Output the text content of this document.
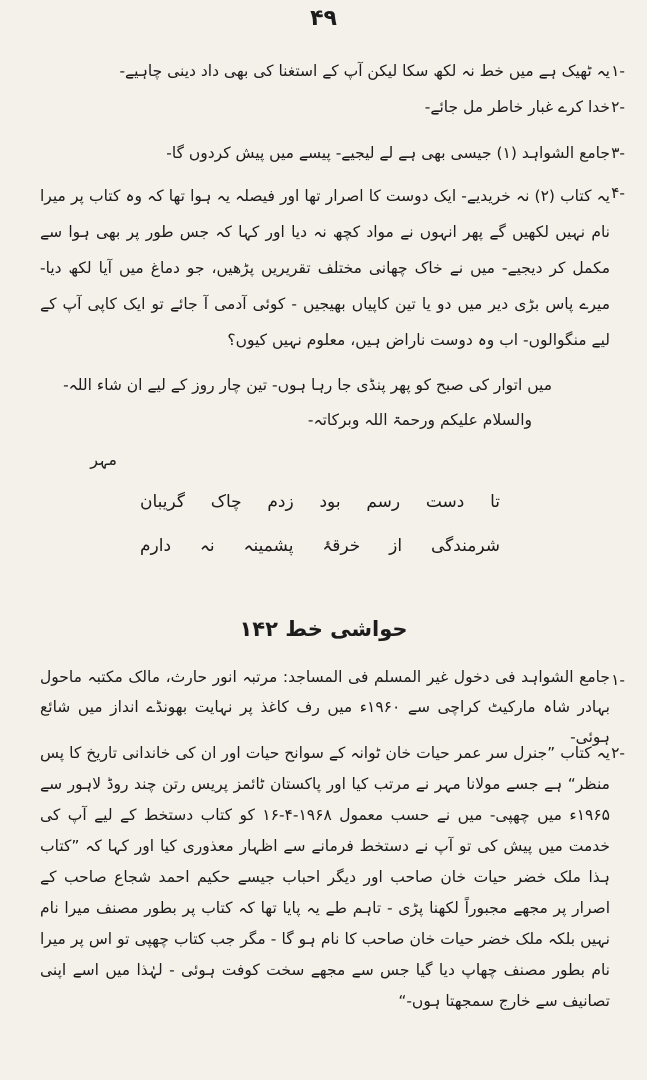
۴۹
-۱
یہ ٹھیک ہے میں خط نہ لکھ سکا لیکن آپ کے استغنا کی بھی داد دینی چاہیے-
-۲
خدا کرے غبار خاطر مل جائے-
-۳
جامع الشواہد (۱) جیسی بھی ہے لے لیجیے- پیسے میں پیش کردوں گا-
-۴
یہ کتاب (۲) نہ خریدیے- ایک دوست کا اصرار تھا اور فیصلہ یہ ہوا تھا کہ وہ کتاب پر میرا نام نہیں لکھیں گے پھر انہوں نے مواد کچھ نہ دیا اور کہا کہ جس طور پر بھی ہوا سے مکمل کر دیجیے- میں نے خاک چھانی مختلف تقریریں پڑھیں، جو دماغ میں آیا لکھ دیا- میرے پاس بڑی دیر میں دو یا تین کاپیاں بھیجیں - کوئی آدمی آ جائے تو ایک کاپی آپ کے لیے منگوالوں- اب وہ دوست ناراض ہیں، معلوم نہیں کیوں؟
میں اتوار کی صبح کو پھر پنڈی جا رہا ہوں- تین چار روز کے لیے ان شاء اللہ-
والسلام علیکم ورحمۃ اللہ وبرکاتہ-
مہر
تا دست رسم بود زدم چاک گریبان
شرمندگی از خرقۂ پشمینہ نہ دارم
حواشی خط ۱۴۲
-۱
جامع الشواہد فی دخول غیر المسلم فی المساجد: مرتبہ انور حارث، مالک مکتبہ ماحول بہادر شاہ مارکیٹ کراچی سے ۱۹۶۰ء میں رف کاغذ پر نہایت بھونڈے انداز میں شائع ہوئی-
-۲
یہ کتاب ”جنرل سر عمر حیات خان ٹوانہ کے سوانح حیات اور ان کی خاندانی تاریخ کا پس منظر“ ہے جسے مولانا مہر نے مرتب کیا اور پاکستان ٹائمز پریس رتن چند روڈ لاہور سے ۱۹۶۵ء میں چھپی- میں نے حسب معمول ۱۹۶۸-۴-۱۶ کو کتاب دستخط کے لیے آپ کی خدمت میں پیش کی تو آپ نے دستخط فرمانے سے اظہار معذوری کیا اور کہا کہ ”کتاب ہذا ملک خضر حیات خان صاحب اور دیگر احباب جیسے حکیم احمد شجاع صاحب کے اصرار پر مجھے مجبوراً لکھنا پڑی - تاہم طے یہ پایا تھا کہ کتاب پر بطور مصنف میرا نام نہیں بلکہ ملک خضر حیات خان صاحب کا نام ہو گا - مگر جب کتاب چھپی تو اس پر میرا نام بطور مصنف چھاپ دیا گیا جس سے مجھے سخت کوفت ہوئی - لہٰذا میں اسے اپنی تصانیف سے خارج سمجھتا ہوں-“
